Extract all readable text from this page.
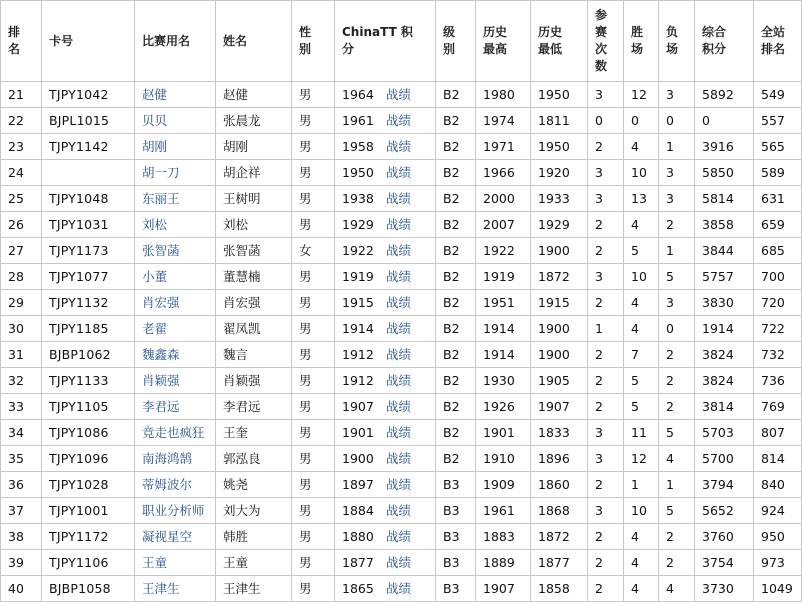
排名	卡号	比赛用名	姓名	性别	ChinaTT 积分	级别	历史最高	历史最低	参赛次数	胜场	负场	综合积分	全站排名

21	TJPY1042	赵健	赵健	男	1964 战绩	B2	1980	1950	3	12	3	5892	549
22	BJPL1015	贝贝	张晨龙	男	1961 战绩	B2	1974	1811	0	0	0	0	557
23	TJPY1142	胡刚	胡刚	男	1958 战绩	B2	1971	1950	2	4	1	3916	565
24		胡一刀	胡企祥	男	1950 战绩	B2	1966	1920	3	10	3	5850	589
25	TJPY1048	东丽王	王树明	男	1938 战绩	B2	2000	1933	3	13	3	5814	631
26	TJPY1031	刘松	刘松	男	1929 战绩	B2	2007	1929	2	4	2	3858	659
27	TJPY1173	张智菡	张智菡	女	1922 战绩	B2	1922	1900	2	5	1	3844	685
28	TJPY1077	小董	董慧楠	男	1919 战绩	B2	1919	1872	3	10	5	5757	700
29	TJPY1132	肖宏强	肖宏强	男	1915 战绩	B2	1951	1915	2	4	3	3830	720
30	TJPY1185	老翟	翟凤凯	男	1914 战绩	B2	1914	1900	1	4	0	1914	722
31	BJBP1062	魏鑫森	魏言	男	1912 战绩	B2	1914	1900	2	7	2	3824	732
32	TJPY1133	肖颖强	肖颖强	男	1912 战绩	B2	1930	1905	2	5	2	3824	736
33	TJPY1105	李君远	李君远	男	1907 战绩	B2	1926	1907	2	5	2	3814	769
34	TJPY1086	竞走也疯狂	王奎	男	1901 战绩	B2	1901	1833	3	11	5	5703	807
35	TJPY1096	南海鸿鹄	郭泓良	男	1900 战绩	B2	1910	1896	3	12	4	5700	814
36	TJPY1028	蒂姆波尔	姚尧	男	1897 战绩	B3	1909	1860	2	1	1	3794	840
37	TJPY1001	职业分析师	刘大为	男	1884 战绩	B3	1961	1868	3	10	5	5652	924
38	TJPY1172	凝视星空	韩胜	男	1880 战绩	B3	1883	1872	2	4	2	3760	950
39	TJPY1106	王童	王童	男	1877 战绩	B3	1889	1877	2	4	2	3754	973
40	BJBP1058	王津生	王津生	男	1865 战绩	B3	1907	1858	2	4	4	3730	1049
